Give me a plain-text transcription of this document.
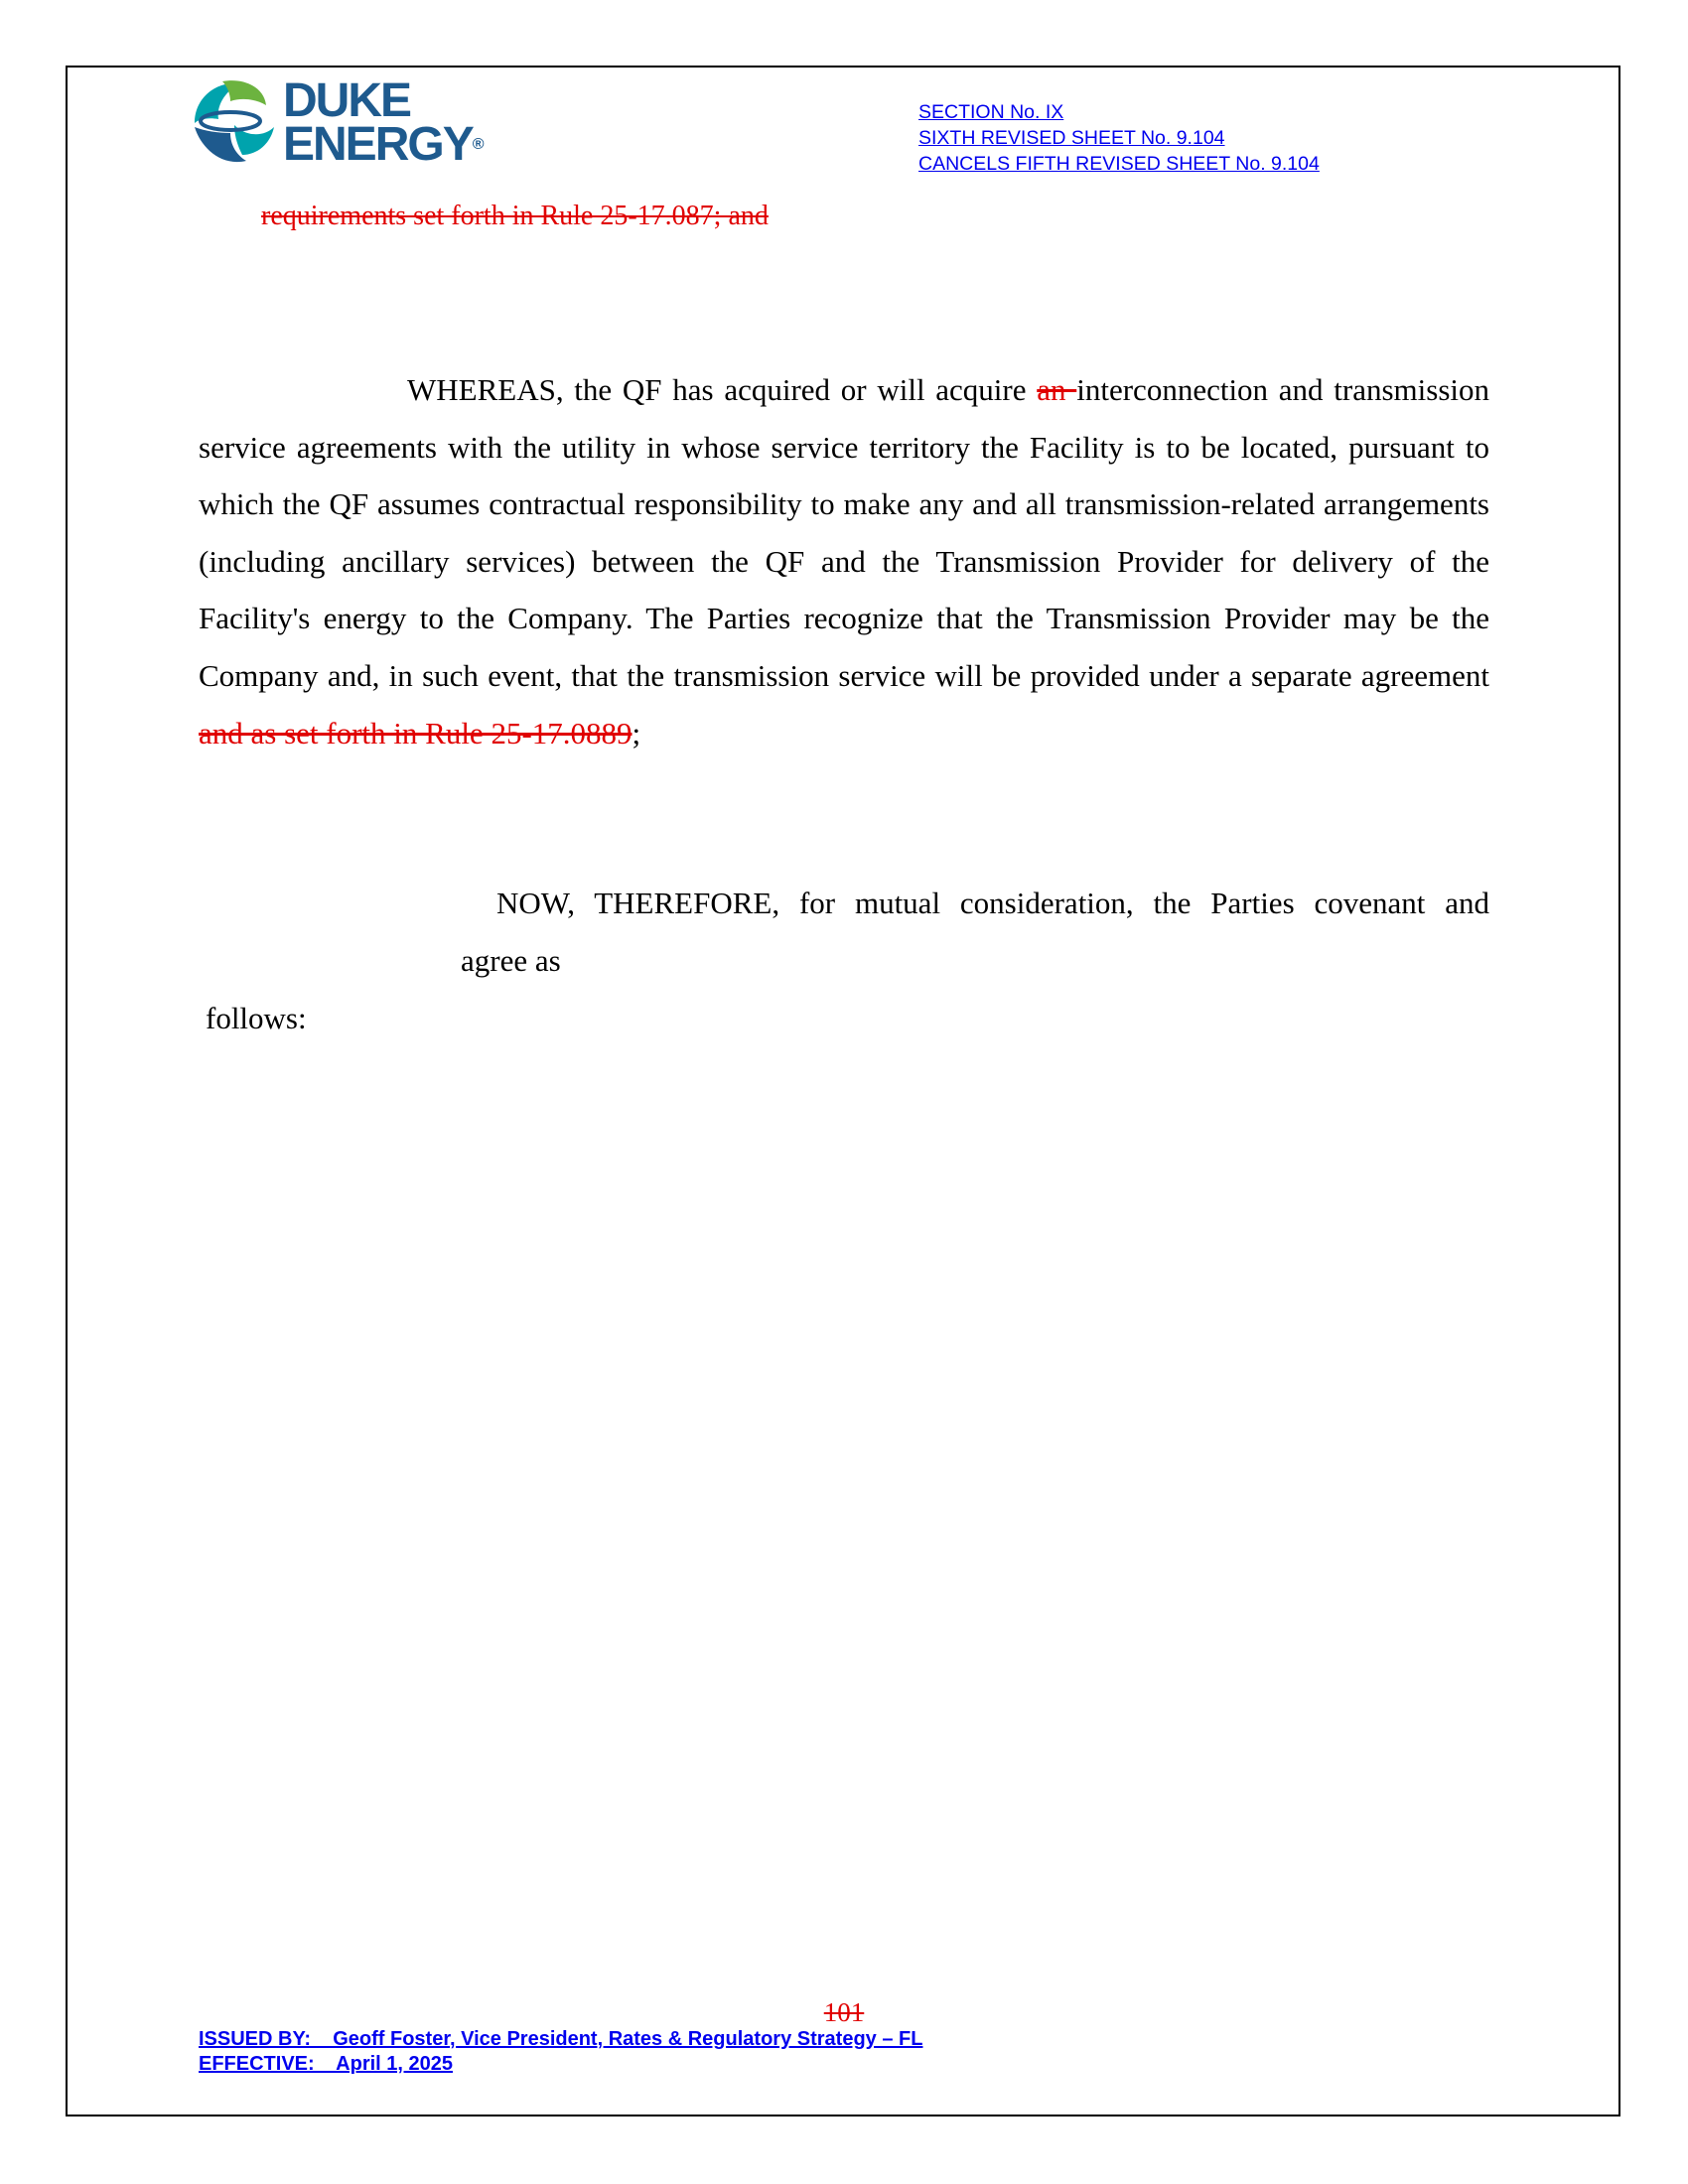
DUKE
ENERGY®
SECTION No. IX
SIXTH REVISED SHEET No. 9.104
CANCELS FIFTH REVISED SHEET No. 9.104
requirements set forth in Rule 25-17.087; and
WHEREAS, the QF has acquired or will acquire an interconnection and transmission service agreements with the utility in whose service territory the Facility is to be located, pursuant to which the QF assumes contractual responsibility to make any and all transmission-related arrangements (including ancillary services) between the QF and the Transmission Provider for delivery of the Facility's energy to the Company. The Parties recognize that the Transmission Provider may be the Company and, in such event, that the transmission service will be provided under a separate agreement and as set forth in Rule 25-17.0889;
NOW, THEREFORE, for mutual consideration, the Parties covenant and
agree as
follows:
101
ISSUED BY:    Geoff Foster, Vice President, Rates & Regulatory Strategy – FL
EFFECTIVE:    April 1, 2025
